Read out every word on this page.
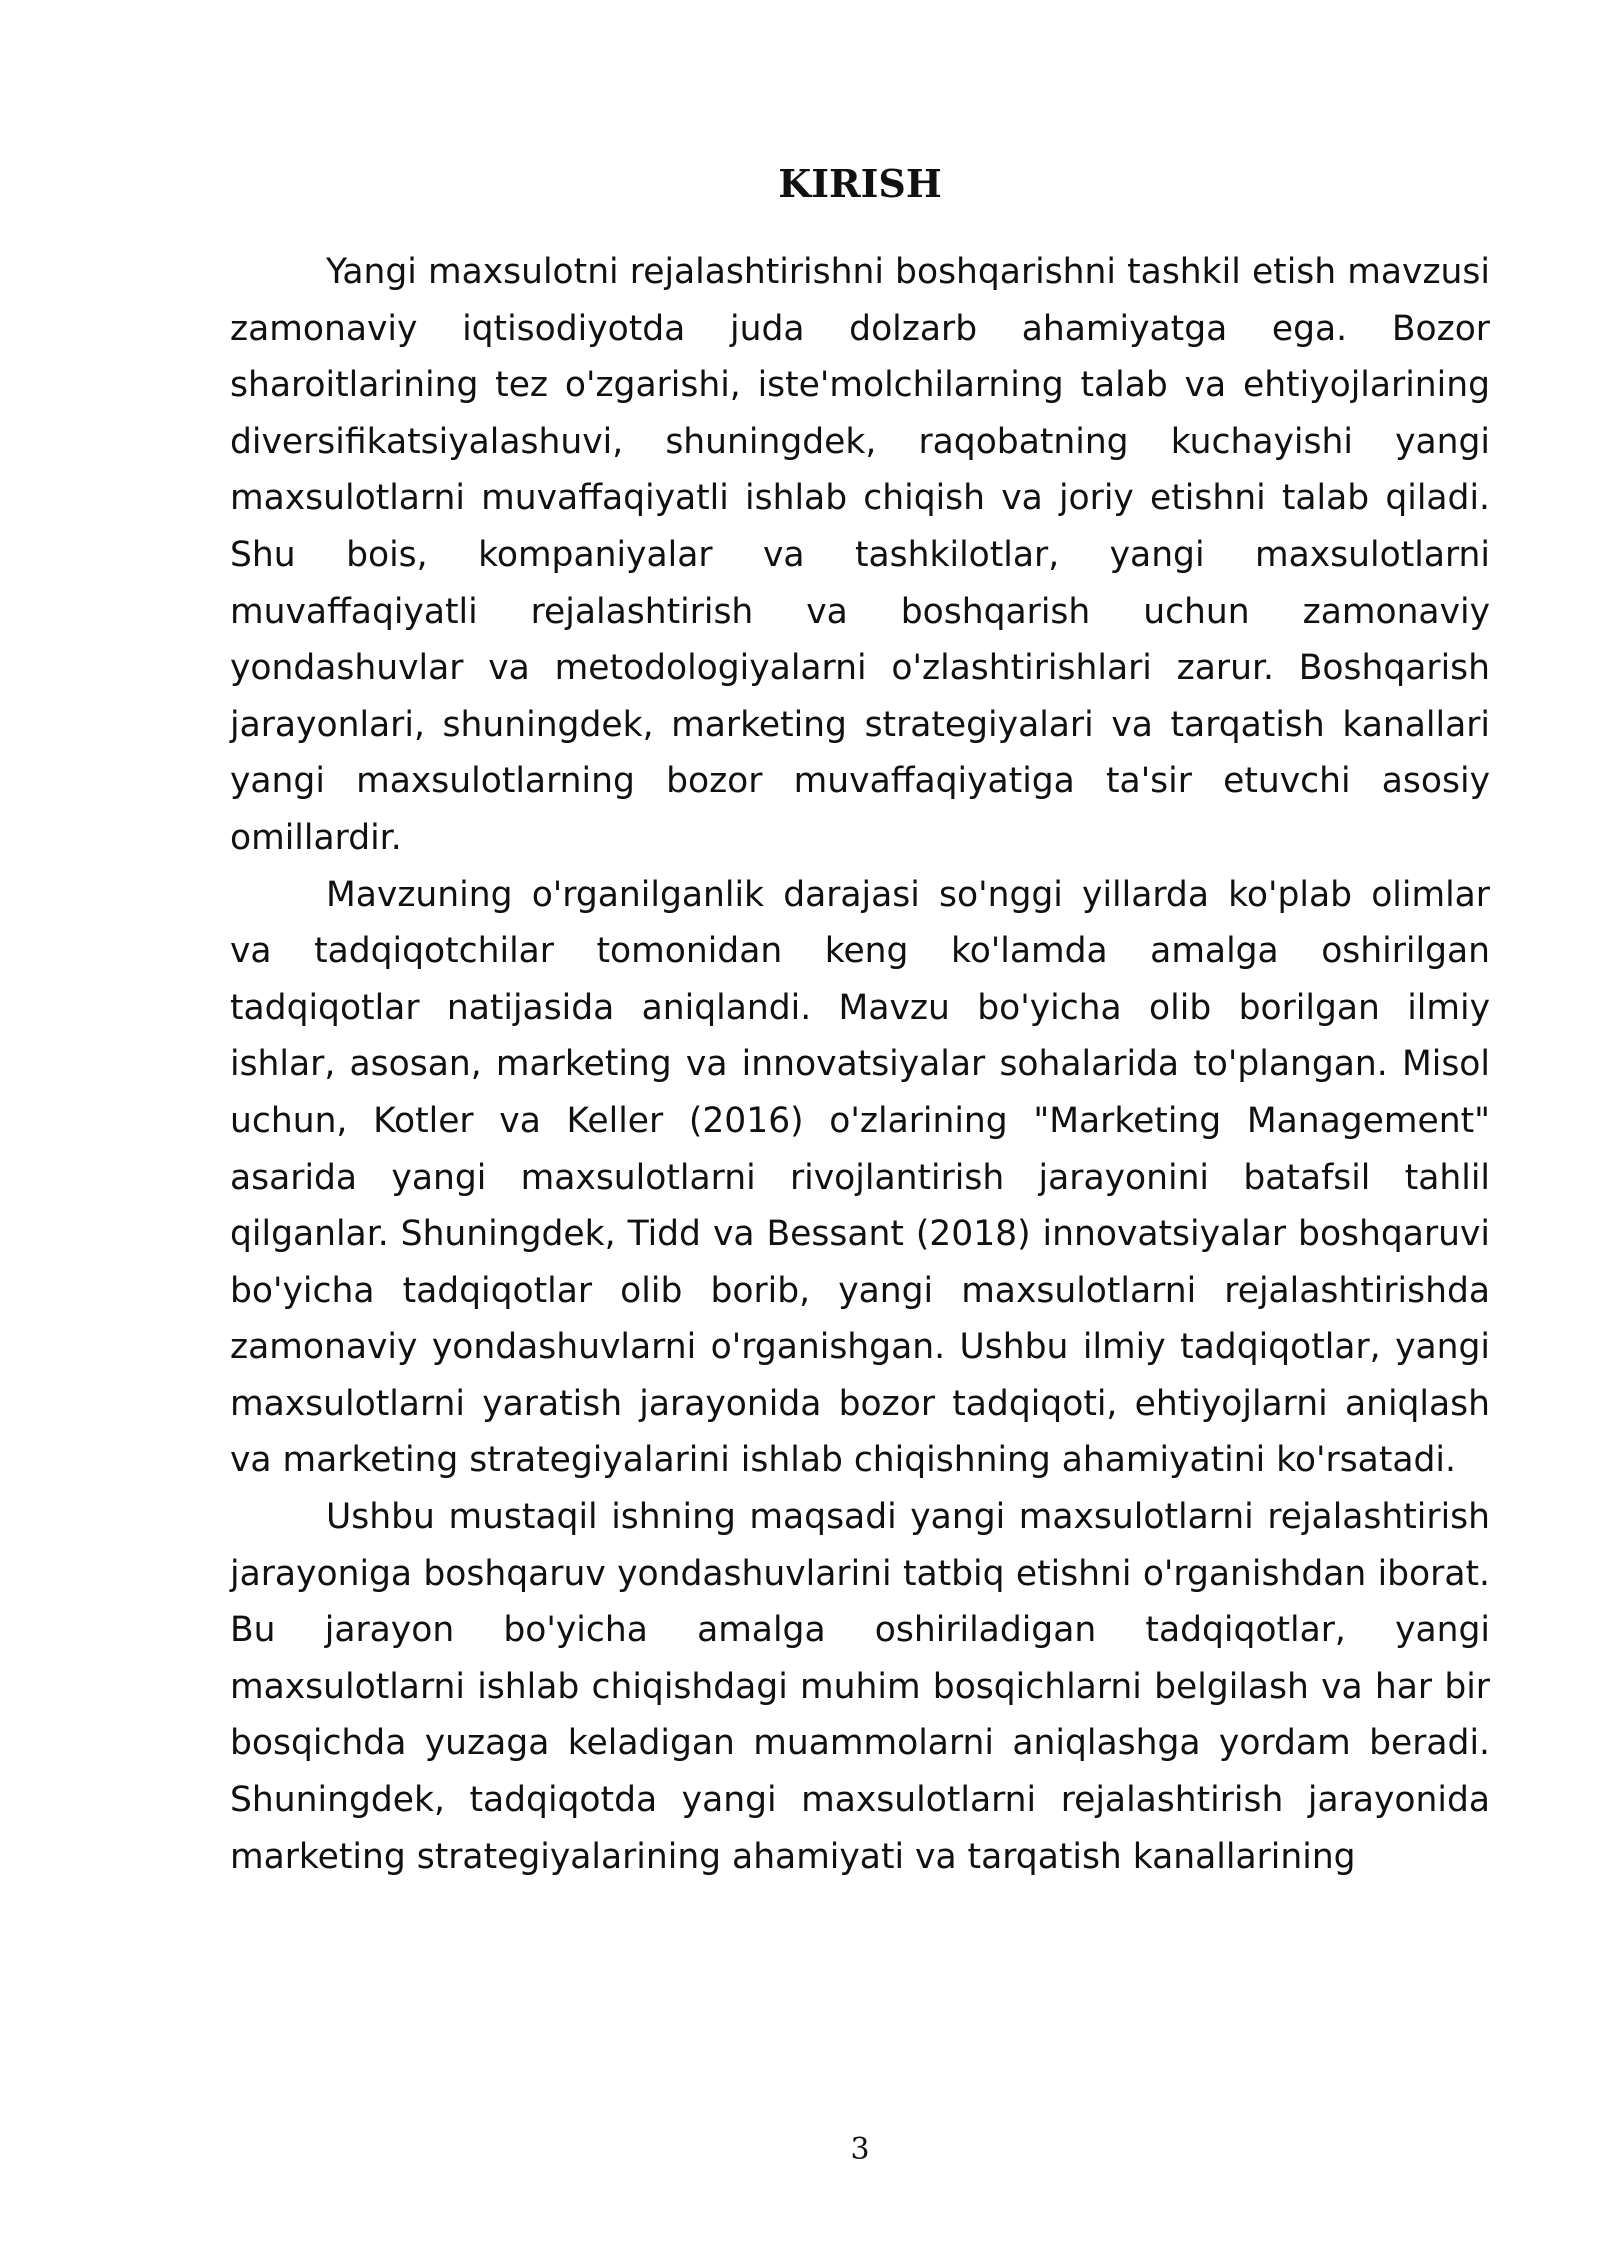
KIRISH

Yangi maxsulotni rejalashtirishni boshqarishni tashkil etish mavzusi zamonaviy iqtisodiyotda juda dolzarb ahamiyatga ega. Bozor sharoitlarining tez o'zgarishi, iste'molchilarning talab va ehtiyojlarining diversifikatsiyalashuvi, shuningdek, raqobatning kuchayishi yangi maxsulotlarni muvaffaqiyatli ishlab chiqish va joriy etishni talab qiladi. Shu bois, kompaniyalar va tashkilotlar, yangi maxsulotlarni muvaffaqiyatli rejalashtirish va boshqarish uchun zamonaviy yondashuvlar va metodologiyalarni o'zlashtirishlari zarur. Boshqarish jarayonlari, shuningdek, marketing strategiyalari va tarqatish kanallari yangi maxsulotlarning bozor muvaffaqiyatiga ta'sir etuvchi asosiy omillardir.

Mavzuning o'rganilganlik darajasi so'nggi yillarda ko'plab olimlar va tadqiqotchilar tomonidan keng ko'lamda amalga oshirilgan tadqiqotlar natijasida aniqlandi. Mavzu bo'yicha olib borilgan ilmiy ishlar, asosan, marketing va innovatsiyalar sohalarida to'plangan. Misol uchun, Kotler va Keller (2016) o'zlarining "Marketing Management" asarida yangi maxsulotlarni rivojlantirish jarayonini batafsil tahlil qilganlar. Shuningdek, Tidd va Bessant (2018) innovatsiyalar boshqaruvi bo'yicha tadqiqotlar olib borib, yangi maxsulotlarni rejalashtirishda zamonaviy yondashuvlarni o'rganishgan. Ushbu ilmiy tadqiqotlar, yangi maxsulotlarni yaratish jarayonida bozor tadqiqoti, ehtiyojlarni aniqlash va marketing strategiyalarini ishlab chiqishning ahamiyatini ko'rsatadi.

Ushbu mustaqil ishning maqsadi yangi maxsulotlarni rejalashtirish jarayoniga boshqaruv yondashuvlarini tatbiq etishni o'rganishdan iborat. Bu jarayon bo'yicha amalga oshiriladigan tadqiqotlar, yangi maxsulotlarni ishlab chiqishdagi muhim bosqichlarni belgilash va har bir bosqichda yuzaga keladigan muammolarni aniqlashga yordam beradi. Shuningdek, tadqiqotda yangi maxsulotlarni rejalashtirish jarayonida marketing strategiyalarining ahamiyati va tarqatish kanallarining

3
